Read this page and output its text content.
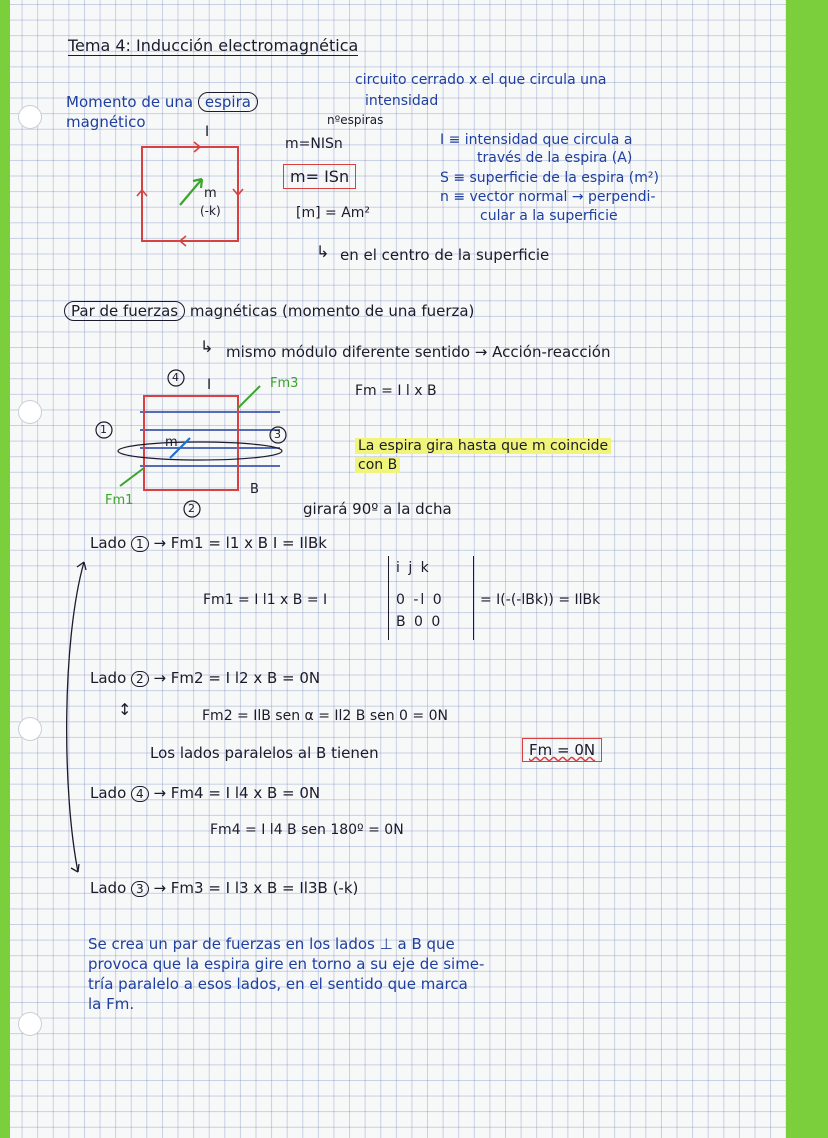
Tema 4: Inducción electromagnética
Momento de una espira
magnético
circuito cerrado x el que circula una
intensidad
nºespiras
m=NISn
m= ISn
[m] = Am²
↳ en el centro de la superficie
I ≡ intensidad que circula a
través de la espira (A)
S ≡ superficie de la espira (m²)
n ≡ vector normal → perpendi-
cular a la superficie
I
m
(-k)
Par de fuerzas magnéticas (momento de una fuerza)
↳ mismo módulo diferente sentido → Acción-reacción
Fm = I l x B
La espira gira hasta que m coincide
con B
girará 90º a la dcha
4
1	3
2
I
m
B
Fm3
Fm1
Lado 1 → Fm1 = l1 x B I = IlBk
i j k
Fm1 = I l1 x B = I	0 -l 0
B 0 0
= I(-(-lBk)) = IlBk
Lado 2 → Fm2 = I l2 x B = 0N
Fm2 = IlB sen α = Il2 B sen 0 = 0N
↕
Los lados paralelos al B tienen	Fm = 0N
Lado 4 → Fm4 = I l4 x B = 0N
Fm4 = I l4 B sen 180º = 0N
Lado 3 → Fm3 = I l3 x B = Il3B (-k)
Se crea un par de fuerzas en los lados ⊥ a B que
provoca que la espira gire en torno a su eje de sime-
tría paralelo a esos lados, en el sentido que marca
la Fm.
